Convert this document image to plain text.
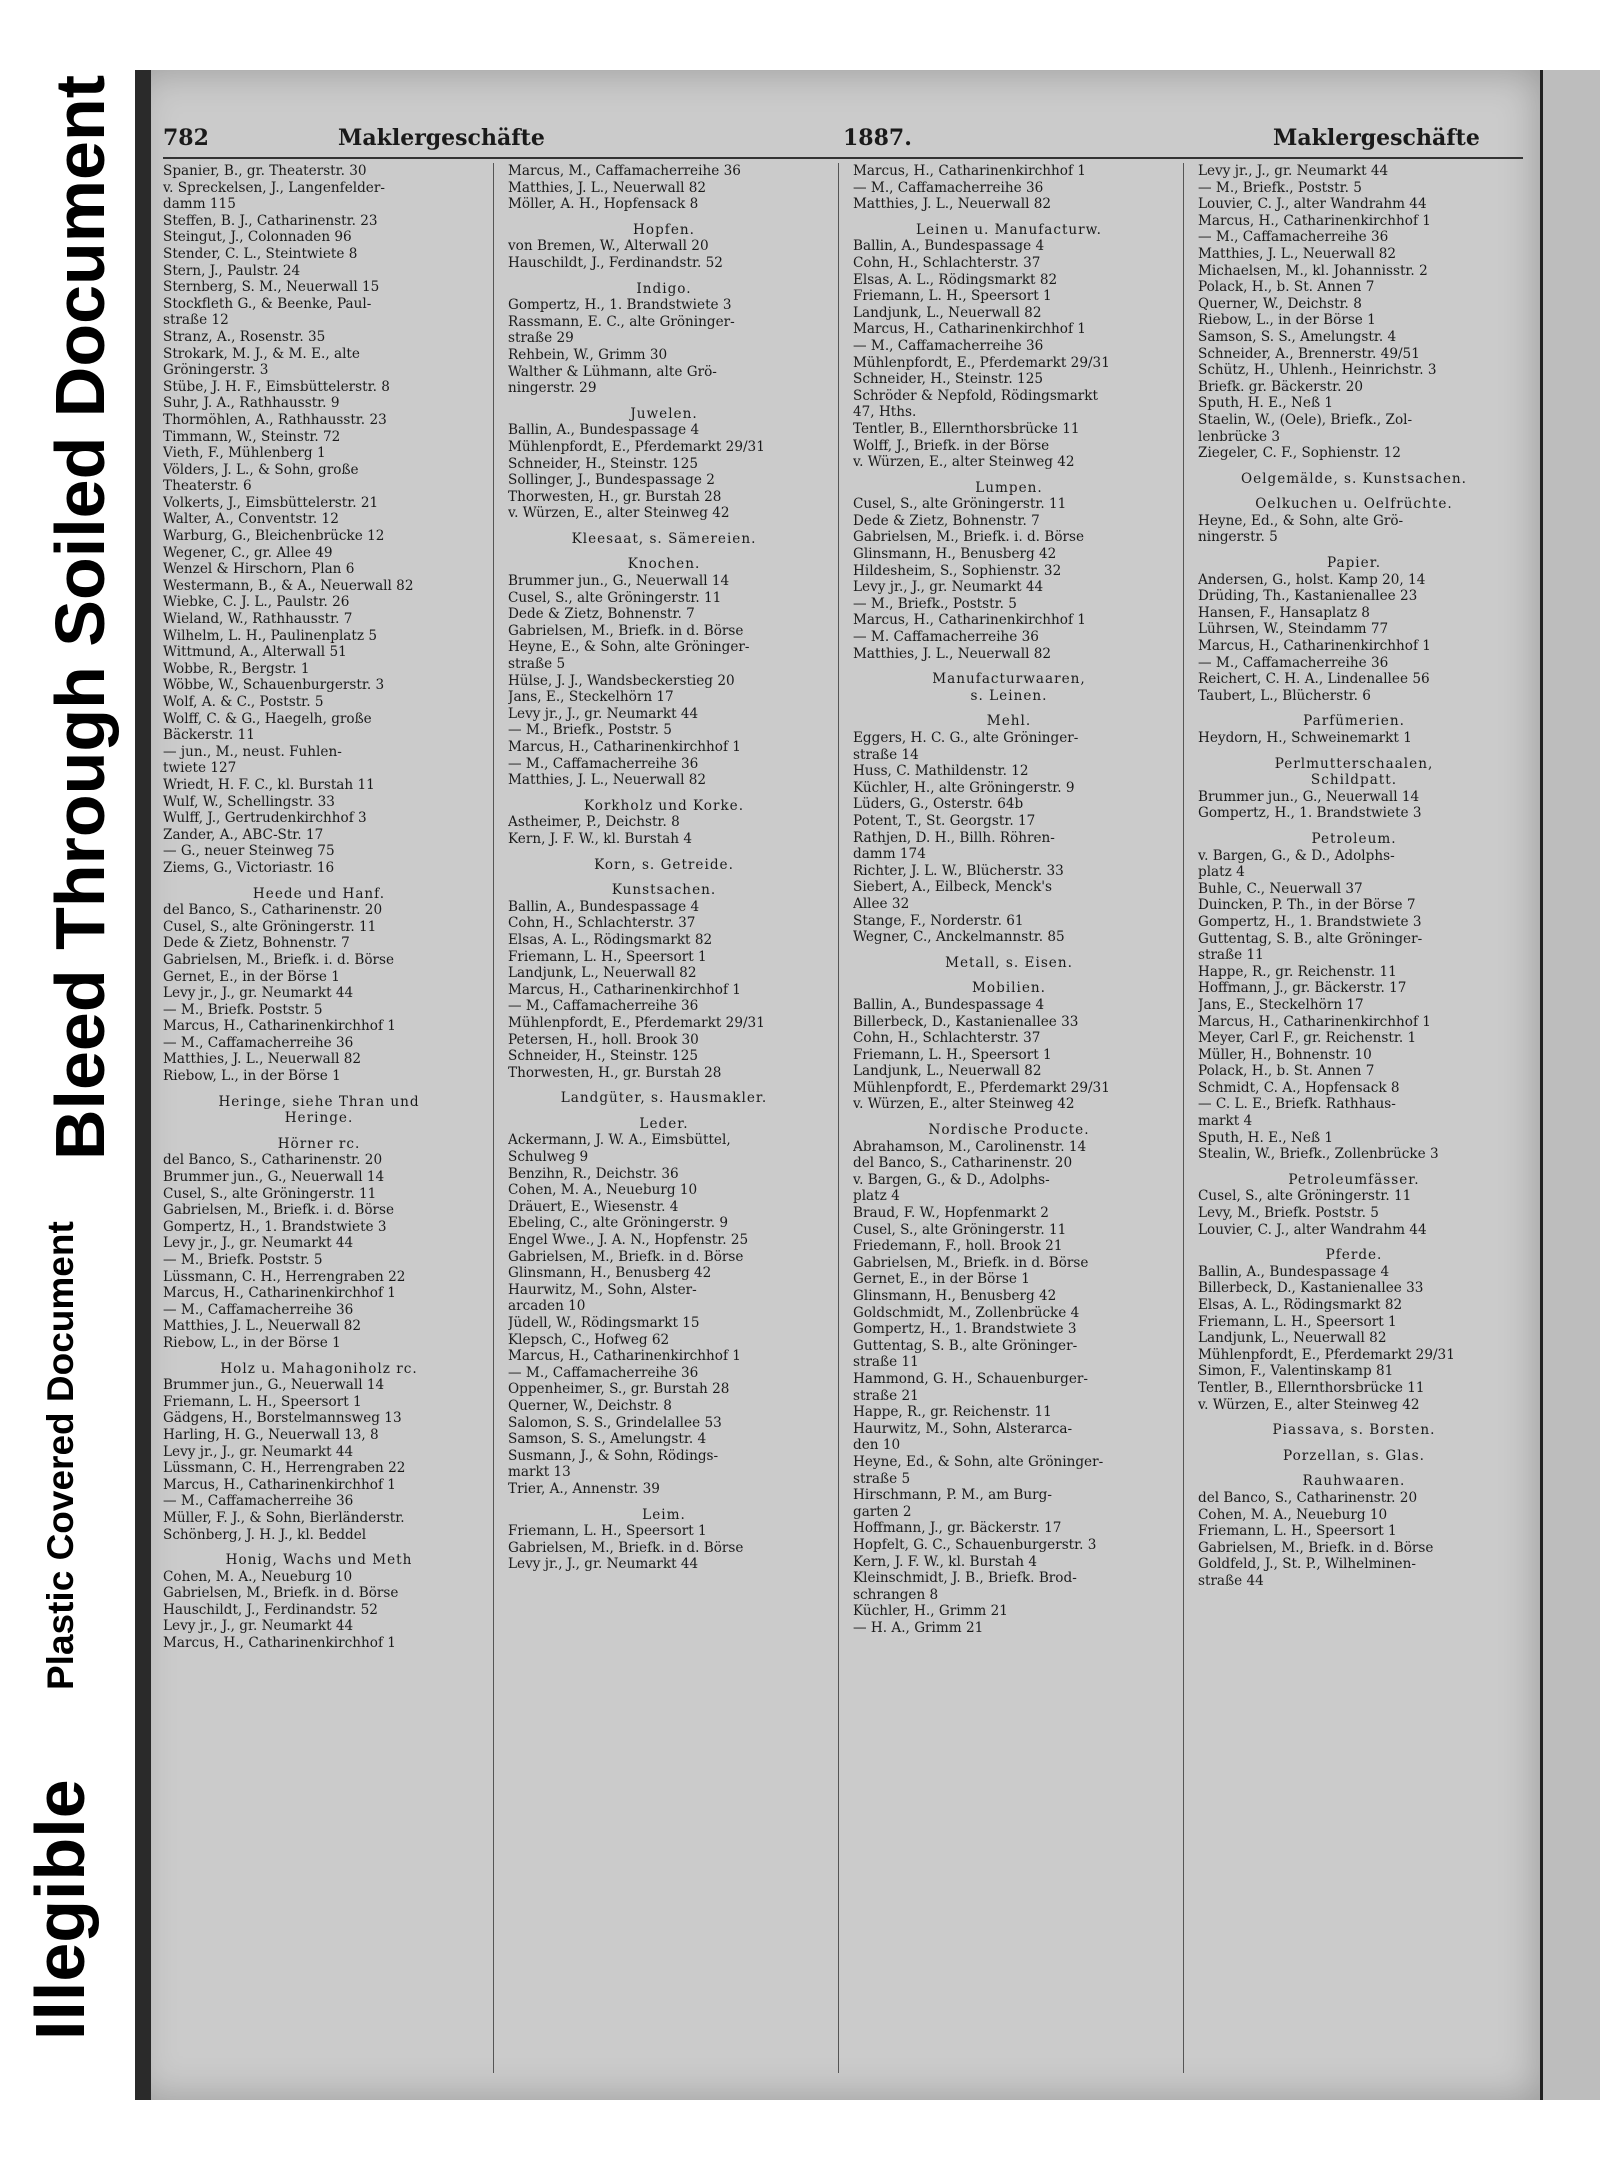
Bleed Through Soiled Document
Plastic Covered Document
Illegible
782	Maklergeschäfte	1887.	Maklergeschäfte
Spanier, B., gr. Theaterstr. 30
v. Spreckelsen, J., Langenfelder-
damm 115
Steffen, B. J., Catharinenstr. 23
Steingut, J., Colonnaden 96
Stender, C. L., Steintwiete 8
Stern, J., Paulstr. 24
Sternberg, S. M., Neuerwall 15
Stockfleth G., & Beenke, Paul-
straße 12
Stranz, A., Rosenstr. 35
Strokark, M. J., & M. E., alte
Gröningerstr. 3
Stübe, J. H. F., Eimsbüttelerstr. 8
Suhr, J. A., Rathhausstr. 9
Thormöhlen, A., Rathhausstr. 23
Timmann, W., Steinstr. 72
Vieth, F., Mühlenberg 1
Völders, J. L., & Sohn, große
Theaterstr. 6
Volkerts, J., Eimsbüttelerstr. 21
Walter, A., Conventstr. 12
Warburg, G., Bleichenbrücke 12
Wegener, C., gr. Allee 49
Wenzel & Hirschorn, Plan 6
Westermann, B., & A., Neuerwall 82
Wiebke, C. J. L., Paulstr. 26
Wieland, W., Rathhausstr. 7
Wilhelm, L. H., Paulinenplatz 5
Wittmund, A., Alterwall 51
Wobbe, R., Bergstr. 1
Wöbbe, W., Schauenburgerstr. 3
Wolf, A. & C., Poststr. 5
Wolff, C. & G., Haegelh, große
Bäckerstr. 11
— jun., M., neust. Fuhlen-
twiete 127
Wriedt, H. F. C., kl. Burstah 11
Wulf, W., Schellingstr. 33
Wulff, J., Gertrudenkirchhof 3
Zander, A., ABC-Str. 17
— G., neuer Steinweg 75
Ziems, G., Victoriastr. 16
Heede und Hanf.
del Banco, S., Catharinenstr. 20
Cusel, S., alte Gröningerstr. 11
Dede & Zietz, Bohnenstr. 7
Gabrielsen, M., Briefk. i. d. Börse
Gernet, E., in der Börse 1
Levy jr., J., gr. Neumarkt 44
— M., Briefk. Poststr. 5
Marcus, H., Catharinenkirchhof 1
— M., Caffamacherreihe 36
Matthies, J. L., Neuerwall 82
Riebow, L., in der Börse 1
Heringe, siehe Thran und
Heringe.
Hörner rc.
del Banco, S., Catharinenstr. 20
Brummer jun., G., Neuerwall 14
Cusel, S., alte Gröningerstr. 11
Gabrielsen, M., Briefk. i. d. Börse
Gompertz, H., 1. Brandstwiete 3
Levy jr., J., gr. Neumarkt 44
— M., Briefk. Poststr. 5
Lüssmann, C. H., Herrengraben 22
Marcus, H., Catharinenkirchhof 1
— M., Caffamacherreihe 36
Matthies, J. L., Neuerwall 82
Riebow, L., in der Börse 1
Holz u. Mahagoniholz rc.
Brummer jun., G., Neuerwall 14
Friemann, L. H., Speersort 1
Gädgens, H., Borstelmannsweg 13
Harling, H. G., Neuerwall 13, 8
Levy jr., J., gr. Neumarkt 44
Lüssmann, C. H., Herrengraben 22
Marcus, H., Catharinenkirchhof 1
— M., Caffamacherreihe 36
Müller, F. J., & Sohn, Bierländerstr.
Schönberg, J. H. J., kl. Beddel
Honig, Wachs und Meth
Cohen, M. A., Neueburg 10
Gabrielsen, M., Briefk. in d. Börse
Hauschildt, J., Ferdinandstr. 52
Levy jr., J., gr. Neumarkt 44
Marcus, H., Catharinenkirchhof 1
Marcus, M., Caffamacherreihe 36
Matthies, J. L., Neuerwall 82
Möller, A. H., Hopfensack 8
Hopfen.
von Bremen, W., Alterwall 20
Hauschildt, J., Ferdinandstr. 52
Indigo.
Gompertz, H., 1. Brandstwiete 3
Rassmann, E. C., alte Gröninger-
straße 29
Rehbein, W., Grimm 30
Walther & Lühmann, alte Grö-
ningerstr. 29
Juwelen.
Ballin, A., Bundespassage 4
Mühlenpfordt, E., Pferdemarkt 29/31
Schneider, H., Steinstr. 125
Sollinger, J., Bundespassage 2
Thorwesten, H., gr. Burstah 28
v. Würzen, E., alter Steinweg 42
Kleesaat, s. Sämereien.
Knochen.
Brummer jun., G., Neuerwall 14
Cusel, S., alte Gröningerstr. 11
Dede & Zietz, Bohnenstr. 7
Gabrielsen, M., Briefk. in d. Börse
Heyne, E., & Sohn, alte Gröninger-
straße 5
Hülse, J. J., Wandsbeckerstieg 20
Jans, E., Steckelhörn 17
Levy jr., J., gr. Neumarkt 44
— M., Briefk., Poststr. 5
Marcus, H., Catharinenkirchhof 1
— M., Caffamacherreihe 36
Matthies, J. L., Neuerwall 82
Korkholz und Korke.
Astheimer, P., Deichstr. 8
Kern, J. F. W., kl. Burstah 4
Korn, s. Getreide.
Kunstsachen.
Ballin, A., Bundespassage 4
Cohn, H., Schlachterstr. 37
Elsas, A. L., Rödingsmarkt 82
Friemann, L. H., Speersort 1
Landjunk, L., Neuerwall 82
Marcus, H., Catharinenkirchhof 1
— M., Caffamacherreihe 36
Mühlenpfordt, E., Pferdemarkt 29/31
Petersen, H., holl. Brook 30
Schneider, H., Steinstr. 125
Thorwesten, H., gr. Burstah 28
Landgüter, s. Hausmakler.
Leder.
Ackermann, J. W. A., Eimsbüttel,
Schulweg 9
Benzihn, R., Deichstr. 36
Cohen, M. A., Neueburg 10
Dräuert, E., Wiesenstr. 4
Ebeling, C., alte Gröningerstr. 9
Engel Wwe., J. A. N., Hopfenstr. 25
Gabrielsen, M., Briefk. in d. Börse
Glinsmann, H., Benusberg 42
Haurwitz, M., Sohn, Alster-
arcaden 10
Jüdell, W., Rödingsmarkt 15
Klepsch, C., Hofweg 62
Marcus, H., Catharinenkirchhof 1
— M., Caffamacherreihe 36
Oppenheimer, S., gr. Burstah 28
Querner, W., Deichstr. 8
Salomon, S. S., Grindelallee 53
Samson, S. S., Amelungstr. 4
Susmann, J., & Sohn, Rödings-
markt 13
Trier, A., Annenstr. 39
Leim.
Friemann, L. H., Speersort 1
Gabrielsen, M., Briefk. in d. Börse
Levy jr., J., gr. Neumarkt 44
Marcus, H., Catharinenkirchhof 1
— M., Caffamacherreihe 36
Matthies, J. L., Neuerwall 82
Leinen u. Manufacturw.
Ballin, A., Bundespassage 4
Cohn, H., Schlachterstr. 37
Elsas, A. L., Rödingsmarkt 82
Friemann, L. H., Speersort 1
Landjunk, L., Neuerwall 82
Marcus, H., Catharinenkirchhof 1
— M., Caffamacherreihe 36
Mühlenpfordt, E., Pferdemarkt 29/31
Schneider, H., Steinstr. 125
Schröder & Nepfold, Rödingsmarkt
47, Hths.
Tentler, B., Ellernthorsbrücke 11
Wolff, J., Briefk. in der Börse
v. Würzen, E., alter Steinweg 42
Lumpen.
Cusel, S., alte Gröningerstr. 11
Dede & Zietz, Bohnenstr. 7
Gabrielsen, M., Briefk. i. d. Börse
Glinsmann, H., Benusberg 42
Hildesheim, S., Sophienstr. 32
Levy jr., J., gr. Neumarkt 44
— M., Briefk., Poststr. 5
Marcus, H., Catharinenkirchhof 1
— M. Caffamacherreihe 36
Matthies, J. L., Neuerwall 82
Manufacturwaaren,
s. Leinen.
Mehl.
Eggers, H. C. G., alte Gröninger-
straße 14
Huss, C. Mathildenstr. 12
Küchler, H., alte Gröningerstr. 9
Lüders, G., Osterstr. 64b
Potent, T., St. Georgstr. 17
Rathjen, D. H., Billh. Röhren-
damm 174
Richter, J. L. W., Blücherstr. 33
Siebert, A., Eilbeck, Menck's
Allee 32
Stange, F., Norderstr. 61
Wegner, C., Anckelmannstr. 85
Metall, s. Eisen.
Mobilien.
Ballin, A., Bundespassage 4
Billerbeck, D., Kastanienallee 33
Cohn, H., Schlachterstr. 37
Friemann, L. H., Speersort 1
Landjunk, L., Neuerwall 82
Mühlenpfordt, E., Pferdemarkt 29/31
v. Würzen, E., alter Steinweg 42
Nordische Producte.
Abrahamson, M., Carolinenstr. 14
del Banco, S., Catharinenstr. 20
v. Bargen, G., & D., Adolphs-
platz 4
Braud, F. W., Hopfenmarkt 2
Cusel, S., alte Gröningerstr. 11
Friedemann, F., holl. Brook 21
Gabrielsen, M., Briefk. in d. Börse
Gernet, E., in der Börse 1
Glinsmann, H., Benusberg 42
Goldschmidt, M., Zollenbrücke 4
Gompertz, H., 1. Brandstwiete 3
Guttentag, S. B., alte Gröninger-
straße 11
Hammond, G. H., Schauenburger-
straße 21
Happe, R., gr. Reichenstr. 11
Haurwitz, M., Sohn, Alsterarca-
den 10
Heyne, Ed., & Sohn, alte Gröninger-
straße 5
Hirschmann, P. M., am Burg-
garten 2
Hoffmann, J., gr. Bäckerstr. 17
Hopfelt, G. C., Schauenburgerstr. 3
Kern, J. F. W., kl. Burstah 4
Kleinschmidt, J. B., Briefk. Brod-
schrangen 8
Küchler, H., Grimm 21
— H. A., Grimm 21
Levy jr., J., gr. Neumarkt 44
— M., Briefk., Poststr. 5
Louvier, C. J., alter Wandrahm 44
Marcus, H., Catharinenkirchhof 1
— M., Caffamacherreihe 36
Matthies, J. L., Neuerwall 82
Michaelsen, M., kl. Johannisstr. 2
Polack, H., b. St. Annen 7
Querner, W., Deichstr. 8
Riebow, L., in der Börse 1
Samson, S. S., Amelungstr. 4
Schneider, A., Brennerstr. 49/51
Schütz, H., Uhlenh., Heinrichstr. 3
Briefk. gr. Bäckerstr. 20
Sputh, H. E., Neß 1
Staelin, W., (Oele), Briefk., Zol-
lenbrücke 3
Ziegeler, C. F., Sophienstr. 12
Oelgemälde, s. Kunstsachen.
Oelkuchen u. Oelfrüchte.
Heyne, Ed., & Sohn, alte Grö-
ningerstr. 5
Papier.
Andersen, G., holst. Kamp 20, 14
Drüding, Th., Kastanienallee 23
Hansen, F., Hansaplatz 8
Lührsen, W., Steindamm 77
Marcus, H., Catharinenkirchhof 1
— M., Caffamacherreihe 36
Reichert, C. H. A., Lindenallee 56
Taubert, L., Blücherstr. 6
Parfümerien.
Heydorn, H., Schweinemarkt 1
Perlmutterschaalen,
Schildpatt.
Brummer jun., G., Neuerwall 14
Gompertz, H., 1. Brandstwiete 3
Petroleum.
v. Bargen, G., & D., Adolphs-
platz 4
Buhle, C., Neuerwall 37
Duincken, P. Th., in der Börse 7
Gompertz, H., 1. Brandstwiete 3
Guttentag, S. B., alte Gröninger-
straße 11
Happe, R., gr. Reichenstr. 11
Hoffmann, J., gr. Bäckerstr. 17
Jans, E., Steckelhörn 17
Marcus, H., Catharinenkirchhof 1
Meyer, Carl F., gr. Reichenstr. 1
Müller, H., Bohnenstr. 10
Polack, H., b. St. Annen 7
Schmidt, C. A., Hopfensack 8
— C. L. E., Briefk. Rathhaus-
markt 4
Sputh, H. E., Neß 1
Stealin, W., Briefk., Zollenbrücke 3
Petroleumfässer.
Cusel, S., alte Gröningerstr. 11
Levy, M., Briefk. Poststr. 5
Louvier, C. J., alter Wandrahm 44
Pferde.
Ballin, A., Bundespassage 4
Billerbeck, D., Kastanienallee 33
Elsas, A. L., Rödingsmarkt 82
Friemann, L. H., Speersort 1
Landjunk, L., Neuerwall 82
Mühlenpfordt, E., Pferdemarkt 29/31
Simon, F., Valentinskamp 81
Tentler, B., Ellernthorsbrücke 11
v. Würzen, E., alter Steinweg 42
Piassava, s. Borsten.
Porzellan, s. Glas.
Rauhwaaren.
del Banco, S., Catharinenstr. 20
Cohen, M. A., Neueburg 10
Friemann, L. H., Speersort 1
Gabrielsen, M., Briefk. in d. Börse
Goldfeld, J., St. P., Wilhelminen-
straße 44
